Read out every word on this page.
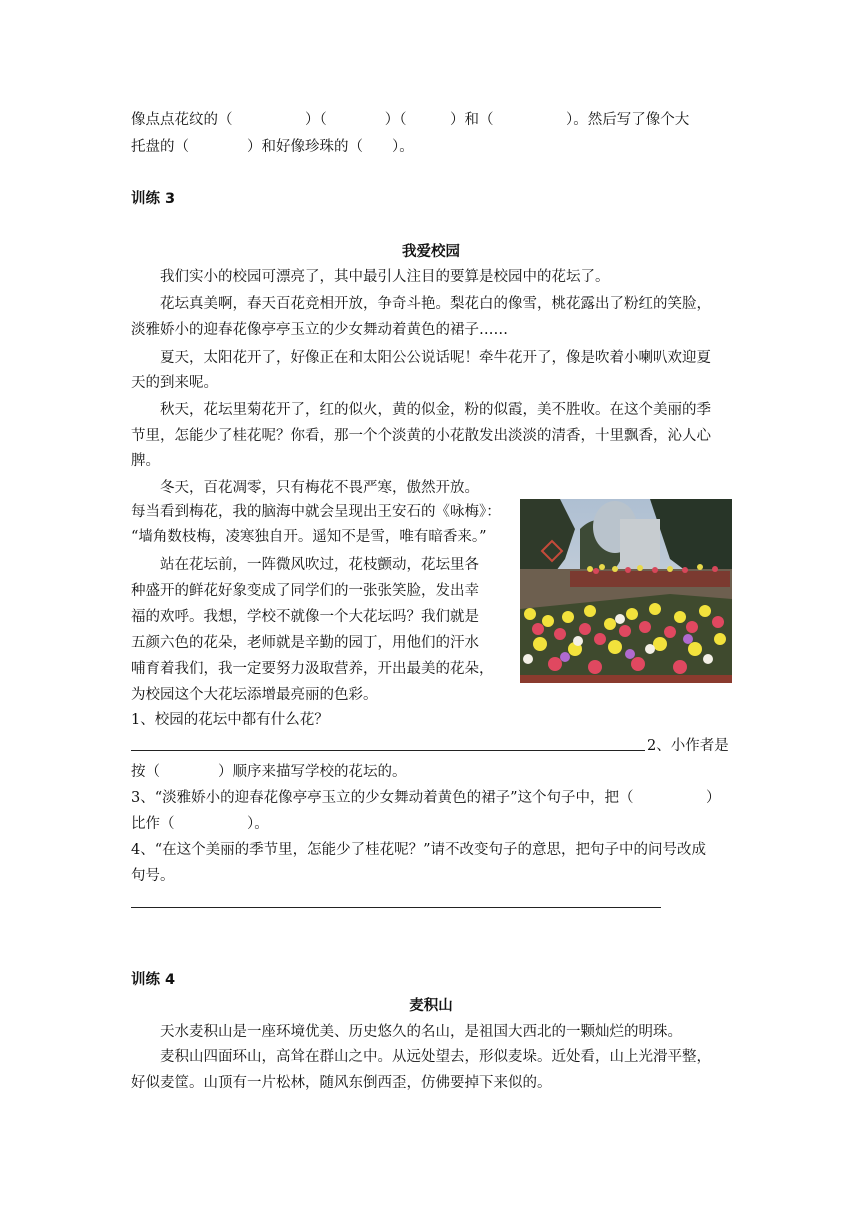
像点点花纹的（　　　　　）（　　　　）（　　　）和（　　　　　）。然后写了像个大
托盘的（　　　　）和好像珍珠的（　　）。
训练 3
我爱校园
我们实小的校园可漂亮了，其中最引人注目的要算是校园中的花坛了。
花坛真美啊，春天百花竞相开放，争奇斗艳。梨花白的像雪，桃花露出了粉红的笑脸，
淡雅娇小的迎春花像亭亭玉立的少女舞动着黄色的裙子……
夏天，太阳花开了，好像正在和太阳公公说话呢！牵牛花开了，像是吹着小喇叭欢迎夏
天的到来呢。
秋天，花坛里菊花开了，红的似火，黄的似金，粉的似霞，美不胜收。在这个美丽的季
节里，怎能少了桂花呢？你看，那一个个淡黄的小花散发出淡淡的清香，十里飘香，沁人心
脾。
冬天，百花凋零，只有梅花不畏严寒，傲然开放。
每当看到梅花，我的脑海中就会呈现出王安石的《咏梅》：
“墙角数枝梅，凌寒独自开。遥知不是雪，唯有暗香来。”
站在花坛前，一阵微风吹过，花枝颤动，花坛里各
种盛开的鲜花好象变成了同学们的一张张笑脸，发出幸
福的欢呼。我想，学校不就像一个大花坛吗？我们就是
五颜六色的花朵，老师就是辛勤的园丁，用他们的汗水
哺育着我们，我一定要努力汲取营养，开出最美的花朵，
为校园这个大花坛添增最亮丽的色彩。
1、校园的花坛中都有什么花？
2、小作者是
按（　　　　）顺序来描写学校的花坛的。
3、“淡雅娇小的迎春花像亭亭玉立的少女舞动着黄色的裙子”这个句子中，把（　　　　　）
比作（　　　　　）。
4、“在这个美丽的季节里，怎能少了桂花呢？”请不改变句子的意思，把句子中的问号改成
句号。
训练 4
麦积山
天水麦积山是一座环境优美、历史悠久的名山，是祖国大西北的一颗灿烂的明珠。
麦积山四面环山，高耸在群山之中。从远处望去，形似麦垛。近处看，山上光滑平整，
好似麦筐。山顶有一片松林，随风东倒西歪，仿佛要掉下来似的。
